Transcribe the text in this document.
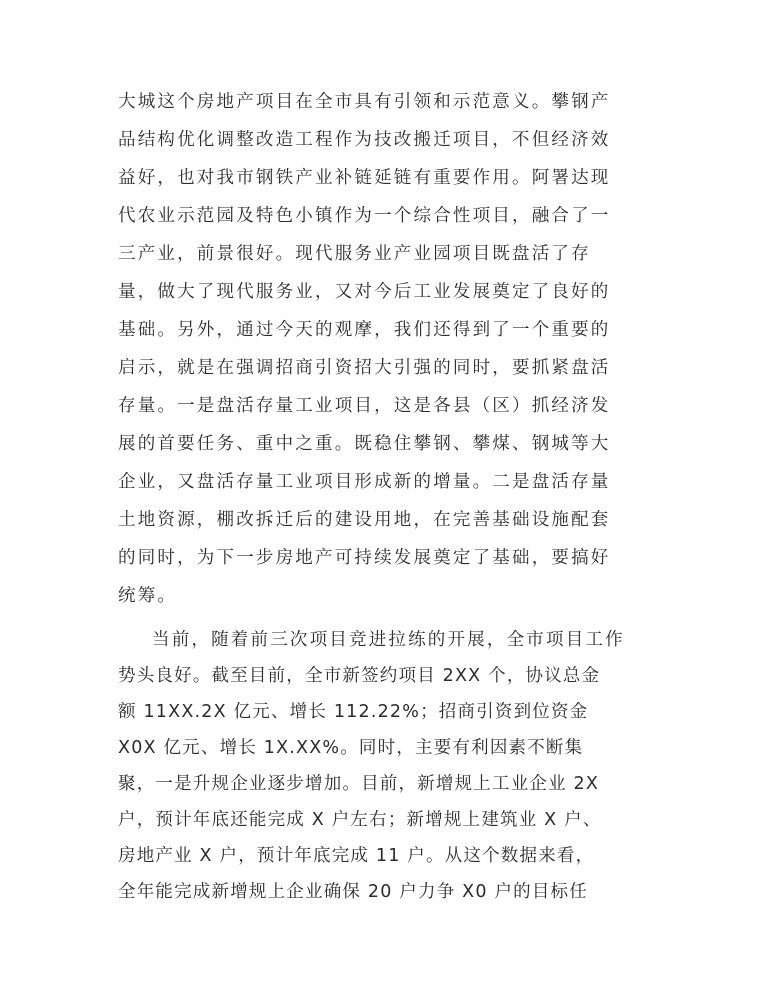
大城这个房地产项目在全市具有引领和示范意义。攀钢产
品结构优化调整改造工程作为技改搬迁项目，不但经济效
益好，也对我市钢铁产业补链延链有重要作用。阿署达现
代农业示范园及特色小镇作为一个综合性项目，融合了一
三产业，前景很好。现代服务业产业园项目既盘活了存
量，做大了现代服务业，又对今后工业发展奠定了良好的
基础。另外，通过今天的观摩，我们还得到了一个重要的
启示，就是在强调招商引资招大引强的同时，要抓紧盘活
存量。一是盘活存量工业项目，这是各县（区）抓经济发
展的首要任务、重中之重。既稳住攀钢、攀煤、钢城等大
企业，又盘活存量工业项目形成新的增量。二是盘活存量
土地资源，棚改拆迁后的建设用地，在完善基础设施配套
的同时，为下一步房地产可持续发展奠定了基础，要搞好
统筹。
当前，随着前三次项目竞进拉练的开展，全市项目工作
势头良好。截至目前，全市新签约项目 2XX 个，协议总金
额 11XX.2X 亿元、增长 112.22%；招商引资到位资金
X0X 亿元、增长 1X.XX%。同时，主要有利因素不断集
聚，一是升规企业逐步增加。目前，新增规上工业企业 2X
户，预计年底还能完成 X 户左右；新增规上建筑业 X 户、
房地产业 X 户，预计年底完成 11 户。从这个数据来看，
全年能完成新增规上企业确保 20 户力争 X0 户的目标任
